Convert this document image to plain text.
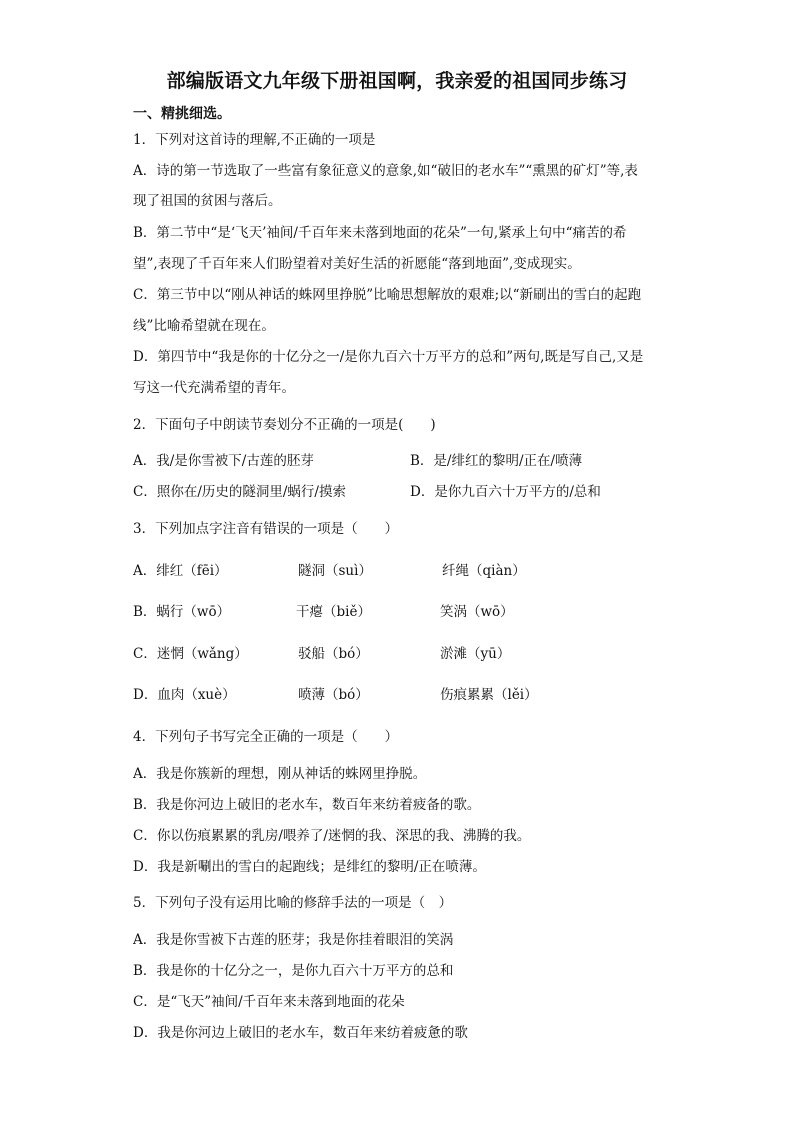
部编版语文九年级下册祖国啊，我亲爱的祖国同步练习
一、精挑细选。
1．下列对这首诗的理解,不正确的一项是
A．诗的第一节选取了一些富有象征意义的意象,如“破旧的老水车”“熏黑的矿灯”等,表
现了祖国的贫困与落后。
B．第二节中“是‘飞天’袖间/千百年来未落到地面的花朵”一句,紧承上句中“痛苦的希
望”,表现了千百年来人们盼望着对美好生活的祈愿能“落到地面”,变成现实。
C．第三节中以“刚从神话的蛛网里挣脱”比喻思想解放的艰难;以“新刷出的雪白的起跑
线”比喻希望就在现在。
D．第四节中“我是你的十亿分之一/是你九百六十万平方的总和”两句,既是写自己,又是
写这一代充满希望的青年。
2．下面句子中朗读节奏划分不正确的一项是(　　)
A．我/是你雪被下/古莲的胚芽	B．是/绯红的黎明/正在/喷薄
C．照你在/历史的隧洞里/蜗行/摸索	D．是你九百六十万平方的/总和
3．下列加点字注音有错误的一项是（　　）
A．绯红（fēi）	隧洞（suì）	纤绳（qiàn）
B．蜗行（wō）	干瘪（biě）	笑涡（wō）
C．迷惘（wǎng）	驳船（bó）	淤滩（yū）
D．血肉（xuè）	喷薄（bó）	伤痕累累（lěi）
4．下列句子书写完全正确的一项是（　　）
A．我是你簇新的理想，刚从神话的蛛网里挣脱。
B．我是你河边上破旧的老水车，数百年来纺着疲备的歌。
C．你以伤痕累累的乳房/喂养了/迷惘的我、深思的我、沸腾的我。
D．我是新唰出的雪白的起跑线；是绯红的黎明/正在喷薄。
5．下列句子没有运用比喻的修辞手法的一项是（　）
A．我是你雪被下古莲的胚芽；我是你挂着眼泪的笑涡
B．我是你的十亿分之一，是你九百六十万平方的总和
C．是“飞天”袖间/千百年来未落到地面的花朵
D．我是你河边上破旧的老水车，数百年来纺着疲惫的歌
